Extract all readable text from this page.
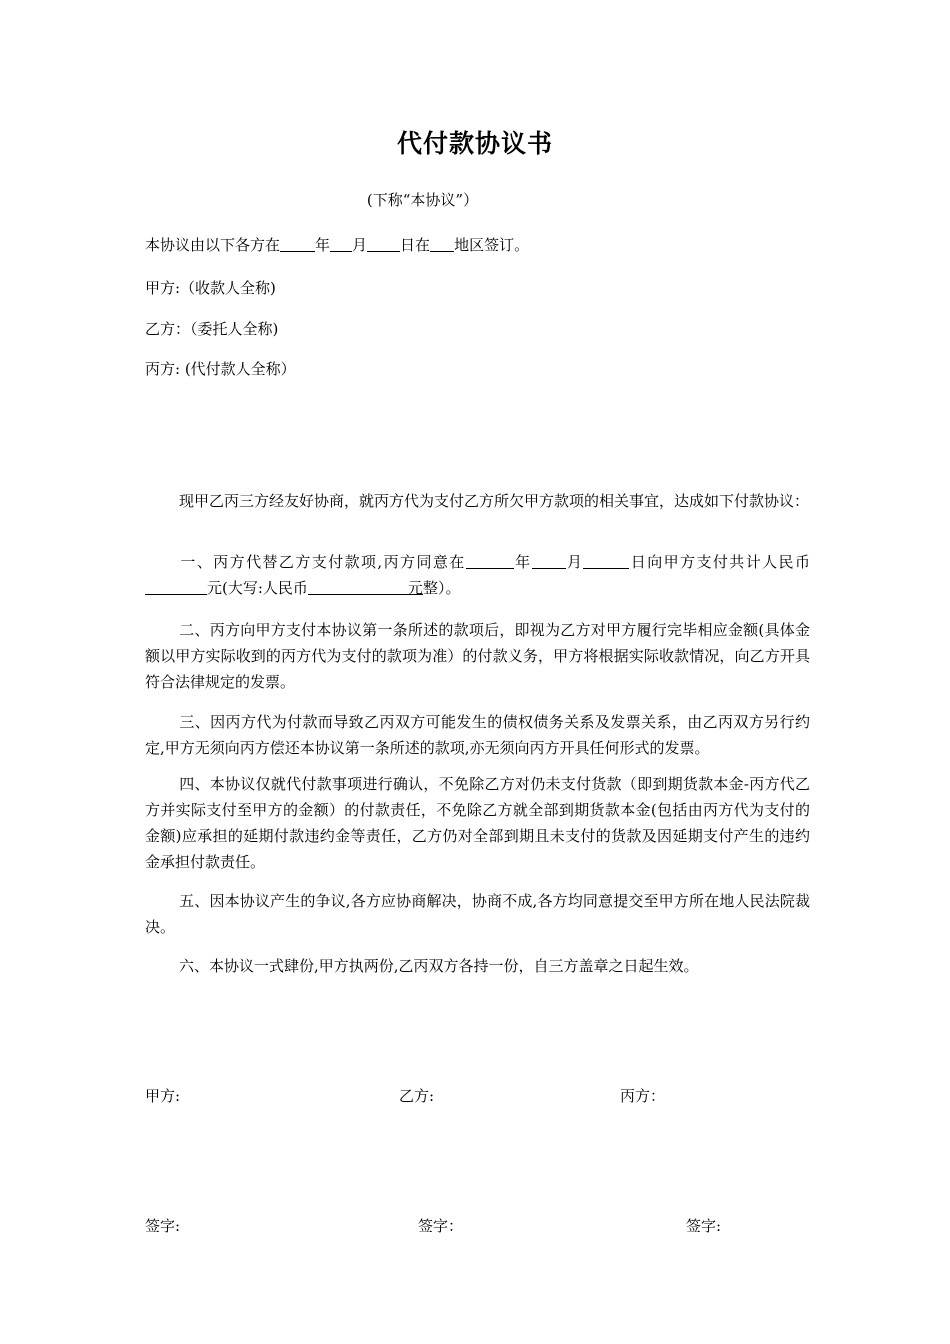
代付款协议书
(下称“本协议”）
本协议由以下各方在 年 月 日在 地区签订。
甲方:（收款人全称)
乙方：（委托人全称)
丙方: (代付款人全称）
现甲乙丙三方经友好协商，就丙方代为支付乙方所欠甲方款项的相关事宜，达成如下付款协议：
一、丙方代替乙方支付款项,丙方同意在	年 月	日向甲方支付共计人民币元(大写:人民币	元整）。
二、丙方向甲方支付本协议第一条所述的款项后，即视为乙方对甲方履行完毕相应金额(具体金额以甲方实际收到的丙方代为支付的款项为准）的付款义务，甲方将根据实际收款情况，向乙方开具符合法律规定的发票。
三、因丙方代为付款而导致乙丙双方可能发生的债权债务关系及发票关系，由乙丙双方另行约定,甲方无须向丙方偿还本协议第一条所述的款项,亦无须向丙方开具任何形式的发票。
四、本协议仅就代付款事项进行确认，不免除乙方对仍未支付货款（即到期货款本金-丙方代乙方并实际支付至甲方的金额）的付款责任，不免除乙方就全部到期货款本金(包括由丙方代为支付的金额)应承担的延期付款违约金等责任，乙方仍对全部到期且未支付的货款及因延期支付产生的违约金承担付款责任。
五、因本协议产生的争议,各方应协商解决，协商不成,各方均同意提交至甲方所在地人民法院裁决。
六、本协议一式肆份,甲方执两份,乙丙双方各持一份，自三方盖章之日起生效。
甲方:	乙方:	丙方：
签字:	签字：	签字:
